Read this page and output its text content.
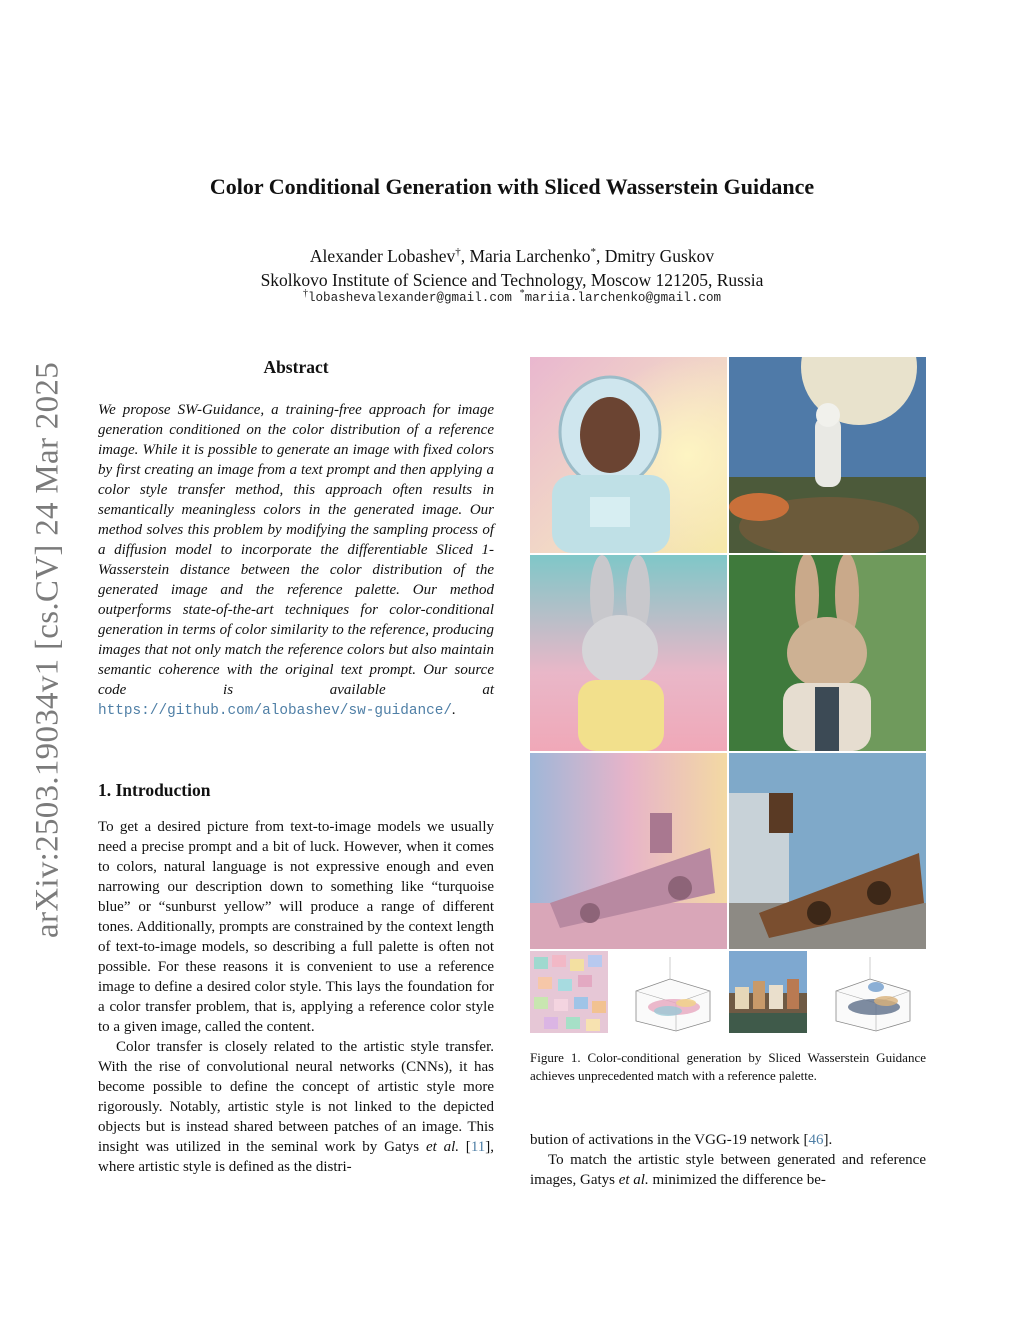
arXiv:2503.19034v1 [cs.CV] 24 Mar 2025
Color Conditional Generation with Sliced Wasserstein Guidance
Alexander Lobashev†, Maria Larchenko*, Dmitry Guskov
Skolkovo Institute of Science and Technology, Moscow 121205, Russia
†lobashevalexander@gmail.com *mariia.larchenko@gmail.com
Abstract
We propose SW-Guidance, a training-free approach for image generation conditioned on the color distribution of a reference image. While it is possible to generate an image with fixed colors by first creating an image from a text prompt and then applying a color style transfer method, this approach often results in semantically meaningless colors in the generated image. Our method solves this problem by modifying the sampling process of a diffusion model to incorporate the differentiable Sliced 1-Wasserstein distance between the color distribution of the generated image and the reference palette. Our method outperforms state-of-the-art techniques for color-conditional generation in terms of color similarity to the reference, producing images that not only match the reference colors but also maintain semantic coherence with the original text prompt. Our source code is available at https://github.com/alobashev/sw-guidance/.
1. Introduction
To get a desired picture from text-to-image models we usually need a precise prompt and a bit of luck. However, when it comes to colors, natural language is not expressive enough and even narrowing our description down to something like “turquoise blue” or “sunburst yellow” will produce a range of different tones. Additionally, prompts are constrained by the context length of text-to-image models, so describing a full palette is often not possible. For these reasons it is convenient to use a reference image to define a desired color style. This lays the foundation for a color transfer problem, that is, applying a reference color style to a given image, called the content.
Color transfer is closely related to the artistic style transfer. With the rise of convolutional neural networks (CNNs), it has become possible to define the concept of artistic style more rigorously. Notably, artistic style is not linked to the depicted objects but is instead shared between patches of an image. This insight was utilized in the seminal work by Gatys et al. [11], where artistic style is defined as the distri-
Figure 1. Color-conditional generation by Sliced Wasserstein Guidance achieves unprecedented match with a reference palette.
bution of activations in the VGG-19 network [46].
To match the artistic style between generated and reference images, Gatys et al. minimized the difference be-
